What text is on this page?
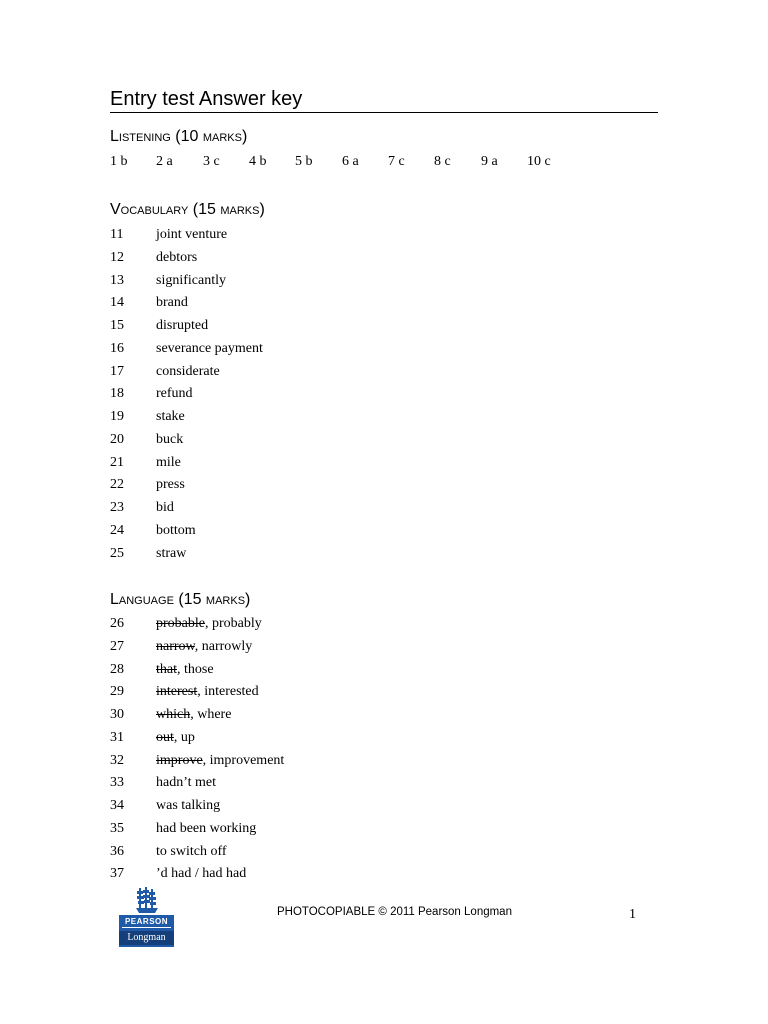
Entry test Answer key
Listening (10 marks)
1 b 2 a 3 c 4 b 5 b 6 a 7 c 8 c 9 a 10 c
Vocabulary (15 marks)
11 joint venture
12 debtors
13 significantly
14 brand
15 disrupted
16 severance payment
17 considerate
18 refund
19 stake
20 buck
21 mile
22 press
23 bid
24 bottom
25 straw
Language (15 marks)
26 probable, probably
27 narrow, narrowly
28 that, those
29 interest, interested
30 which, where
31 out, up
32 improve, improvement
33 hadn’t met
34 was talking
35 had been working
36 to switch off
37 ’d had / had had
PEARSON
Longman
PHOTOCOPIABLE © 2011 Pearson Longman	1
